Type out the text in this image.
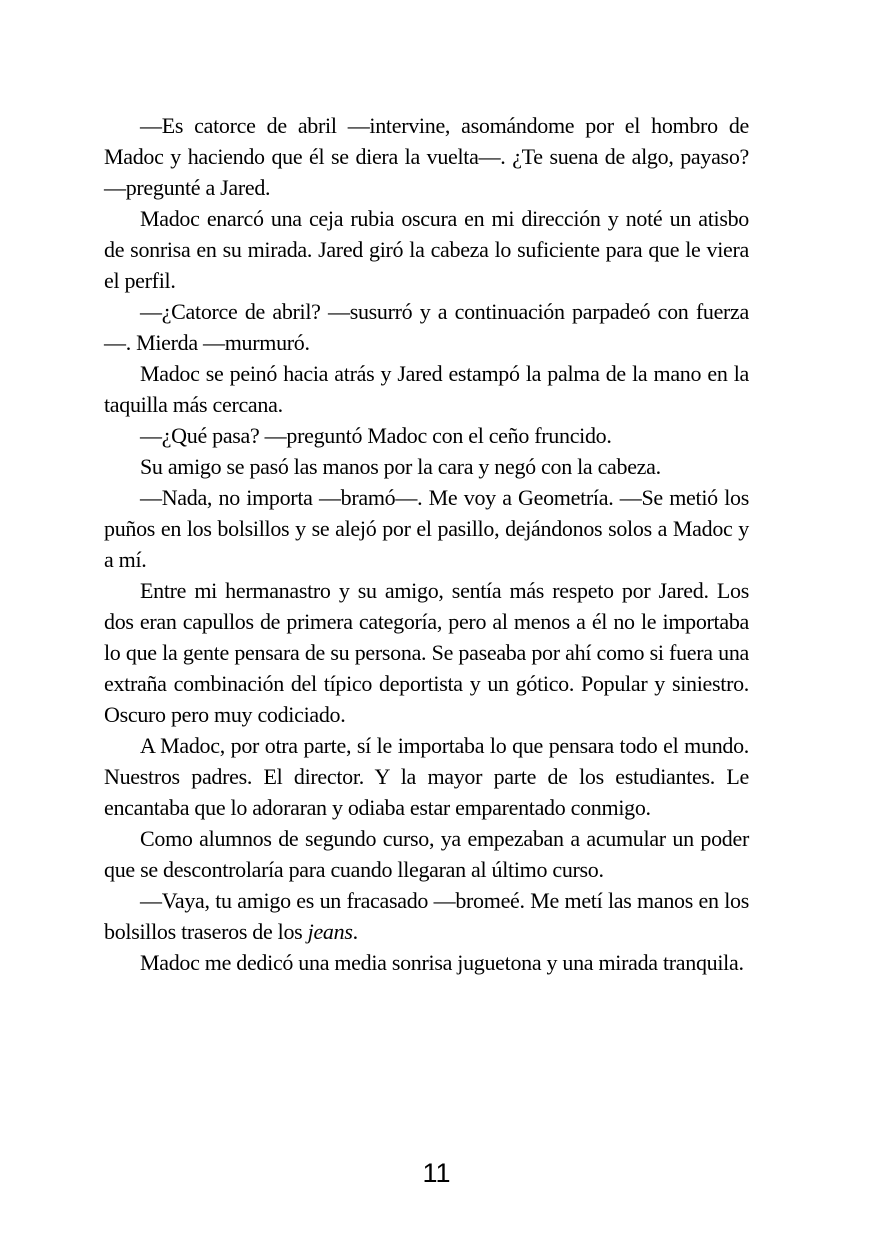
—Es catorce de abril —intervine, asomándome por el hombro de Madoc y haciendo que él se diera la vuelta—. ¿Te suena de algo, payaso? —pregunté a Jared.

Madoc enarcó una ceja rubia oscura en mi dirección y noté un atisbo de sonrisa en su mirada. Jared giró la cabeza lo suficiente para que le viera el perfil.

—¿Catorce de abril? —susurró y a continuación parpadeó con fuerza—. Mierda —murmuró.

Madoc se peinó hacia atrás y Jared estampó la palma de la mano en la taquilla más cercana.

—¿Qué pasa? —preguntó Madoc con el ceño fruncido.

Su amigo se pasó las manos por la cara y negó con la cabeza.

—Nada, no importa —bramó—. Me voy a Geometría. —Se metió los puños en los bolsillos y se alejó por el pasillo, dejándonos solos a Madoc y a mí.

Entre mi hermanastro y su amigo, sentía más respeto por Jared. Los dos eran capullos de primera categoría, pero al menos a él no le importaba lo que la gente pensara de su persona. Se paseaba por ahí como si fuera una extraña combinación del típico deportista y un gótico. Popular y siniestro. Oscuro pero muy codiciado.

A Madoc, por otra parte, sí le importaba lo que pensara todo el mundo. Nuestros padres. El director. Y la mayor parte de los estudiantes. Le encantaba que lo adoraran y odiaba estar emparentado conmigo.

Como alumnos de segundo curso, ya empezaban a acumular un poder que se descontrolaría para cuando llegaran al último curso.

—Vaya, tu amigo es un fracasado —bromeé. Me metí las manos en los bolsillos traseros de los jeans.

Madoc me dedicó una media sonrisa juguetona y una mirada tranquila.

11
